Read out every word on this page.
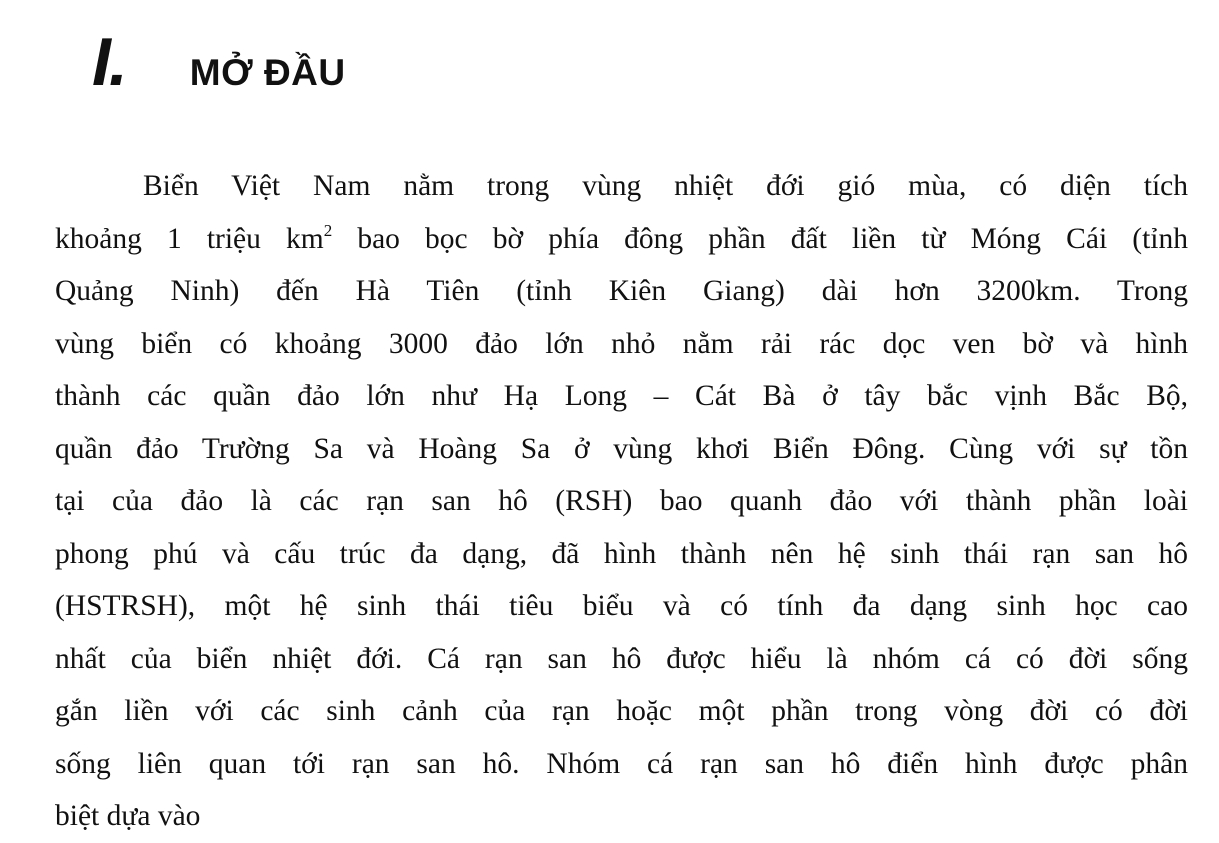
I. MỞ ĐẦU
Biển Việt Nam nằm trong vùng nhiệt đới gió mùa, có diện tích
khoảng 1 triệu $km^2$ bao bọc bờ phía đông phần đất liền từ Móng Cái (tỉnh
Quảng Ninh) đến Hà Tiên (tỉnh Kiên Giang) dài hơn 3200km. Trong
vùng biển có khoảng 3000 đảo lớn nhỏ nằm rải rác dọc ven bờ và hình
thành các quần đảo lớn như Hạ Long – Cát Bà ở tây bắc vịnh Bắc Bộ,
quần đảo Trường Sa và Hoàng Sa ở vùng khơi Biển Đông. Cùng với sự tồn
tại của đảo là các rạn san hô (RSH) bao quanh đảo với thành phần loài
phong phú và cấu trúc đa dạng, đã hình thành nên hệ sinh thái rạn san hô
(HSTRSH), một hệ sinh thái tiêu biểu và có tính đa dạng sinh học cao
nhất của biển nhiệt đới. Cá rạn san hô được hiểu là nhóm cá có đời sống
gắn liền với các sinh cảnh của rạn hoặc một phần trong vòng đời có đời
sống liên quan tới rạn san hô. Nhóm cá rạn san hô điển hình được phân
biệt dựa vào
